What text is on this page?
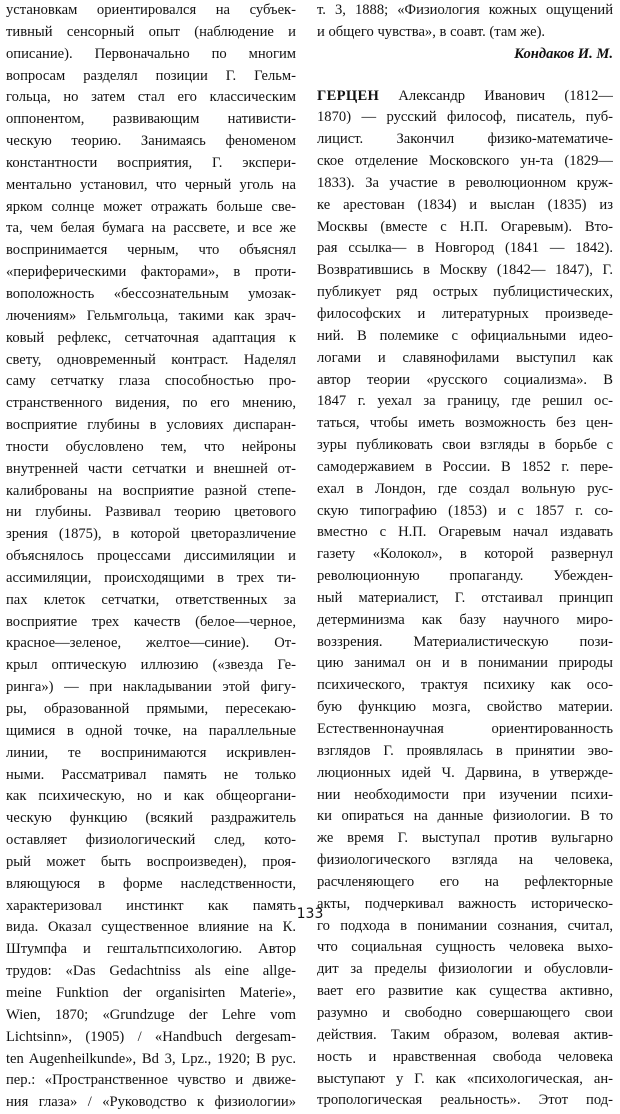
установкам ориентировался на субъек-
тивный сенсорный опыт (наблюдение и
описание). Первоначально по многим
вопросам разделял позиции Г. Гельм-
гольца, но затем стал его классическим
оппонентом, развивающим нативисти-
ческую теорию. Занимаясь феноменом
константности восприятия, Г. экспери-
ментально установил, что черный уголь на
ярком солнце может отражать больше све-
та, чем белая бумага на рассвете, и все же
воспринимается черным, что объяснял
«периферическими факторами», в проти-
воположность «бессознательным умозак-
лючениям» Гельмгольца, такими как зрач-
ковый рефлекс, сетчаточная адаптация к
свету, одновременный контраст. Наделял
саму сетчатку глаза способностью про-
странственного видения, по его мнению,
восприятие глубины в условиях диспаран-
тности обусловлено тем, что нейроны
внутренней части сетчатки и внешней от-
калиброваны на восприятие разной степе-
ни глубины. Развивал теорию цветового
зрения (1875), в которой цветоразличение
объяснялось процессами диссимиляции и
ассимиляции, происходящими в трех ти-
пах клеток сетчатки, ответственных за
восприятие трех качеств (белое—черное,
красное—зеленое, желтое—синие). От-
крыл оптическую иллюзию («звезда Ге-
ринга») — при накладывании этой фигу-
ры, образованной прямыми, пересекаю-
щимися в одной точке, на параллельные
линии, те воспринимаются искривлен-
ными. Рассматривал память не только
как психическую, но и как общеоргани-
ческую функцию (всякий раздражитель
оставляет физиологический след, кото-
рый может быть воспроизведен), проя-
вляющуюся в форме наследственности,
характеризовал инстинкт как память
вида. Оказал существенное влияние на К.
Штумпфа и гештальтпсихологию. Автор
трудов: «Das Gedachtniss als eine allge-
meine Funktion der organisirten Materie»,
Wien, 1870; «Grundzuge der Lehre vom
Lichtsinn», (1905) / «Handbuch dergesam-
ten Augenheilkunde», Bd 3, Lpz., 1920; В рус.
пер.: «Пространственное чувство и движе-
ния глаза» / «Руководство к физиологии»
т. 3, 1888; «Физиология кожных ощущений
и общего чувства», в соавт. (там же).
Кондаков И. М.
ГЕРЦЕН Александр Иванович (1812—
1870) — русский философ, писатель, пуб-
лицист. Закончил физико-математиче-
ское отделение Московского ун-та (1829—
1833). За участие в революционном круж-
ке арестован (1834) и выслан (1835) из
Москвы (вместе с Н.П. Огаревым). Вто-
рая ссылка— в Новгород (1841 — 1842).
Возвратившись в Москву (1842— 1847), Г.
публикует ряд острых публицистических,
философских и литературных произведе-
ний. В полемике с официальными идео-
логами и славянофилами выступил как
автор теории «русского социализма». В
1847 г. уехал за границу, где решил ос-
таться, чтобы иметь возможность без цен-
зуры публиковать свои взгляды в борьбе с
самодержавием в России. В 1852 г. пере-
ехал в Лондон, где создал вольную рус-
скую типографию (1853) и с 1857 г. со-
вместно с Н.П. Огаревым начал издавать
газету «Колокол», в которой развернул
революционную пропаганду. Убежден-
ный материалист, Г. отстаивал принцип
детерминизма как базу научного миро-
воззрения. Материалистическую пози-
цию занимал он и в понимании природы
психического, трактуя психику как осо-
бую функцию мозга, свойство материи.
Естественнонаучная ориентированность
взглядов Г. проявлялась в принятии эво-
люционных идей Ч. Дарвина, в утвержде-
нии необходимости при изучении психи-
ки опираться на данные физиологии. В то
же время Г. выступал против вульгарно
физиологического взгляда на человека,
расчленяющего его на рефлекторные
акты, подчеркивал важность историческо-
го подхода в понимании сознания, считал,
что социальная сущность человека выхо-
дит за пределы физиологии и обусловли-
вает его развитие как существа активно,
разумно и свободно совершающего свои
действия. Таким образом, волевая актив-
ность и нравственная свобода человека
выступают у Г. как «психологическая, ан-
тропологическая реальность». Этот под-
133
